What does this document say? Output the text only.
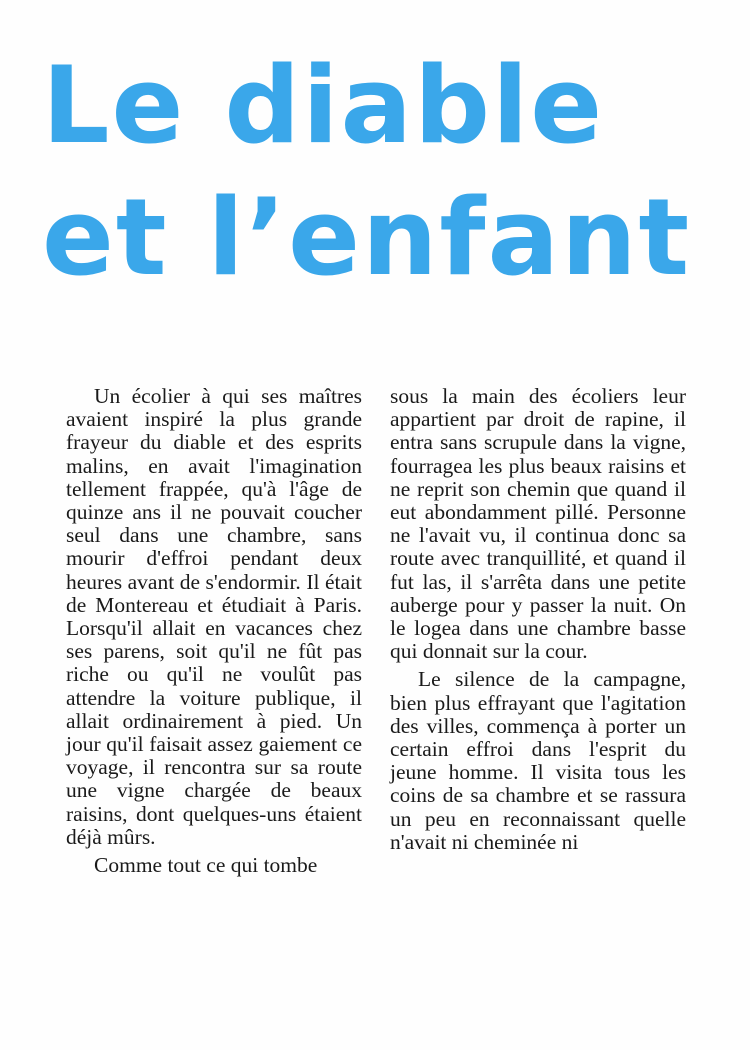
Le diable
et l’enfant

Un écolier à qui ses maîtres avaient inspiré la plus grande frayeur du diable et des esprits malins, en avait l'imagination tellement frappée, qu'à l'âge de quinze ans il ne pouvait coucher seul dans une chambre, sans mourir d'effroi pendant deux heures avant de s'endormir. Il était de Montereau et étudiait à Paris. Lorsqu'il allait en vacances chez ses parens, soit qu'il ne fût pas riche ou qu'il ne voulût pas attendre la voiture publique, il allait ordinairement à pied. Un jour qu'il faisait assez gaiement ce voyage, il rencontra sur sa route une vigne chargée de beaux raisins, dont quelques-uns étaient déjà mûrs.

Comme tout ce qui tombe

sous la main des écoliers leur appartient par droit de rapine, il entra sans scrupule dans la vigne, fourragea les plus beaux raisins et ne reprit son chemin que quand il eut abondamment pillé. Personne ne l'avait vu, il continua donc sa route avec tranquillité, et quand il fut las, il s'arrêta dans une petite auberge pour y passer la nuit. On le logea dans une chambre basse qui donnait sur la cour.

Le silence de la campagne, bien plus effrayant que l'agitation des villes, commença à porter un certain effroi dans l'esprit du jeune homme. Il visita tous les coins de sa chambre et se rassura un peu en reconnaissant quelle n'avait ni cheminée ni
